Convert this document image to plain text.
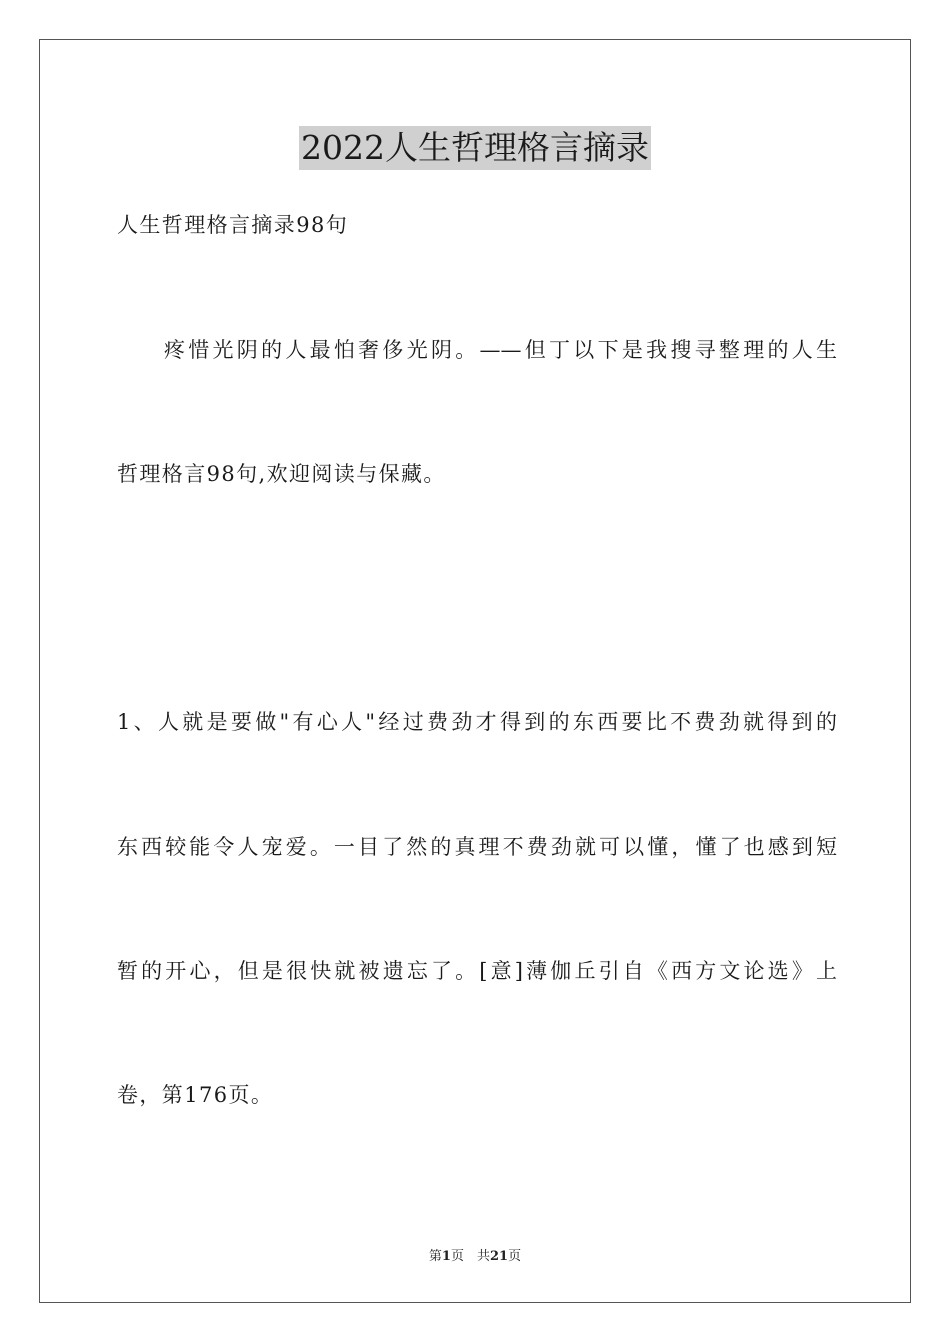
2022人生哲理格言摘录
人生哲理格言摘录98句
疼惜光阴的人最怕奢侈光阴。——但丁以下是我搜寻整理的人生
哲理格言98句,欢迎阅读与保藏。
1、人就是要做"有心人"经过费劲才得到的东西要比不费劲就得到的
东西较能令人宠爱。一目了然的真理不费劲就可以懂，懂了也感到短
暂的开心，但是很快就被遗忘了。[意]薄伽丘引自《西方文论选》上
卷，第176页。
第1页　共21页
